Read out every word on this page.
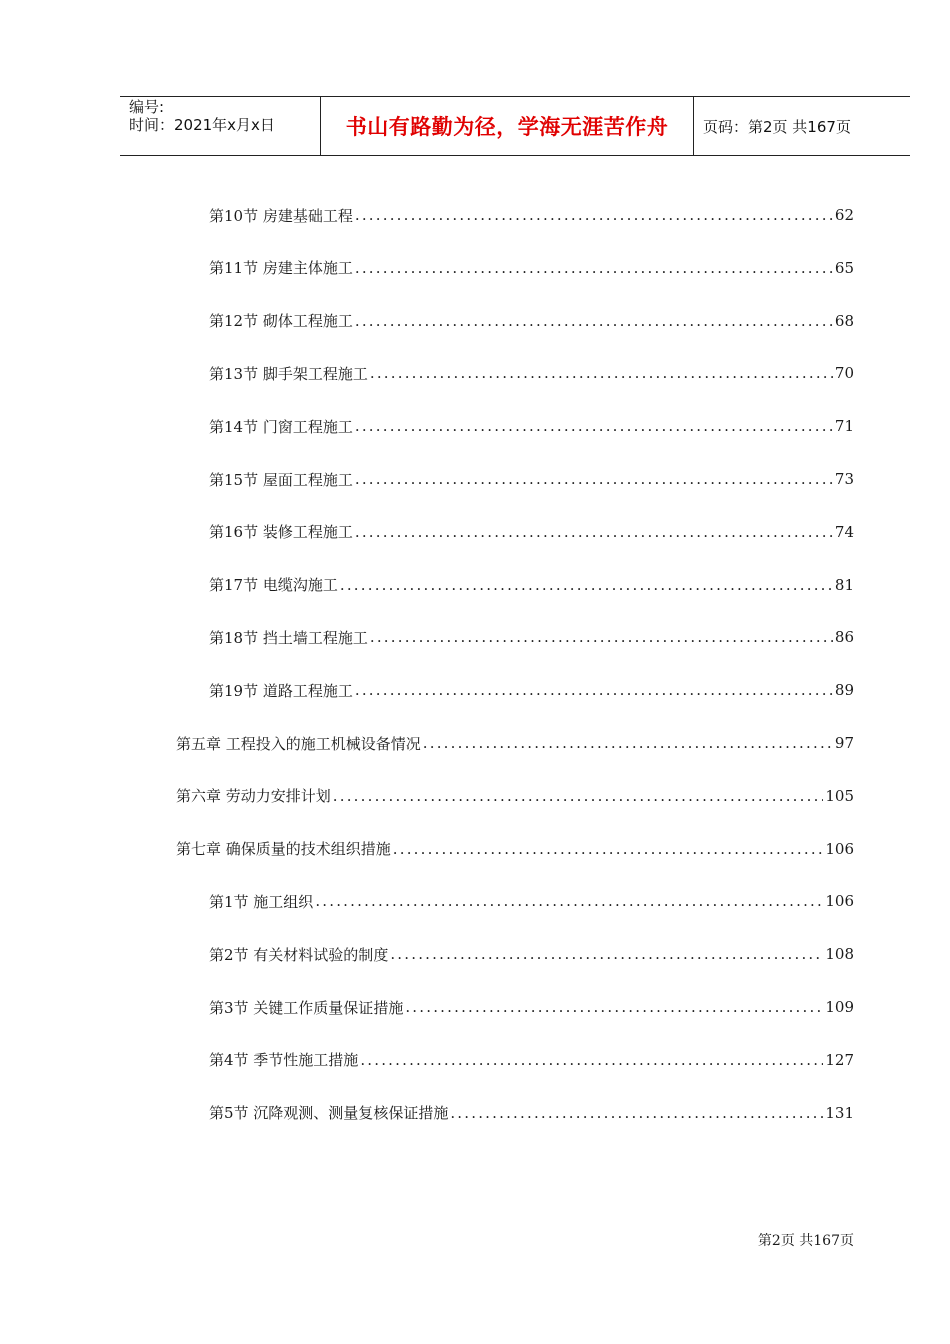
编号:
时间：2021年x月x日	书山有路勤为径，学海无涯苦作舟	页码：第2页 共167页
第10节 房建基础工程 .....	62
第11节 房建主体施工 .....	65
第12节 砌体工程施工 .....	68
第13节 脚手架工程施工 .....	70
第14节 门窗工程施工 .....	71
第15节 屋面工程施工 .....	73
第16节 装修工程施工 .....	74
第17节 电缆沟施工 .....	81
第18节 挡土墙工程施工 .....	86
第19节 道路工程施工 .....	89
第五章 工程投入的施工机械设备情况 .....	97
第六章 劳动力安排计划 .....	105
第七章 确保质量的技术组织措施 .....	106
第1节 施工组织 .....	106
第2节 有关材料试验的制度 .....	108
第3节 关键工作质量保证措施 .....	109
第4节 季节性施工措施 .....	127
第5节 沉降观测、测量复核保证措施 .....	131
第2页 共167页
